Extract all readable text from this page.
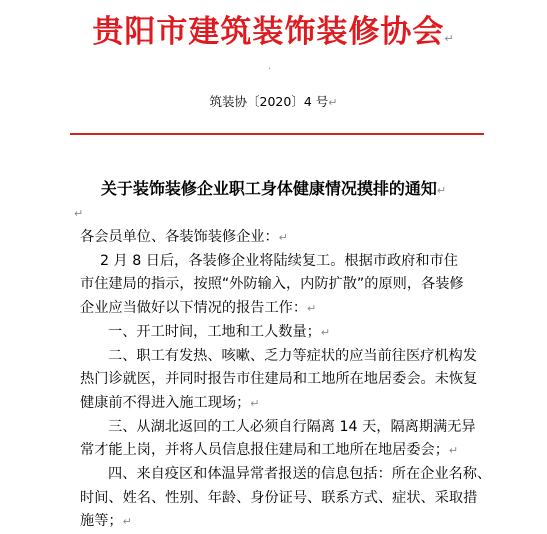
贵阳市建筑装饰装修协会↵
·
筑装协〔2020〕4 号↵
关于装饰装修企业职工身体健康情况摸排的通知↵
↵

各会员单位、各装饰装修企业：↵

2 月 8 日后，各装修企业将陆续复工。根据市政府和市住

市住建局的指示，按照“外防输入，内防扩散”的原则，各装修

企业应当做好以下情况的报告工作：↵

一、开工时间，工地和工人数量；↵

二、职工有发热、咳嗽、乏力等症状的应当前往医疗机构发

热门诊就医，并同时报告市住建局和工地所在地居委会。未恢复

健康前不得进入施工现场；↵

三、从湖北返回的工人必须自行隔离 14 天，隔离期满无异

常才能上岗，并将人员信息报住建局和工地所在地居委会；↵

四、来自疫区和体温异常者报送的信息包括：所在企业名称、

时间、姓名、性别、年龄、身份证号、联系方式、症状、采取措

施等；↵
